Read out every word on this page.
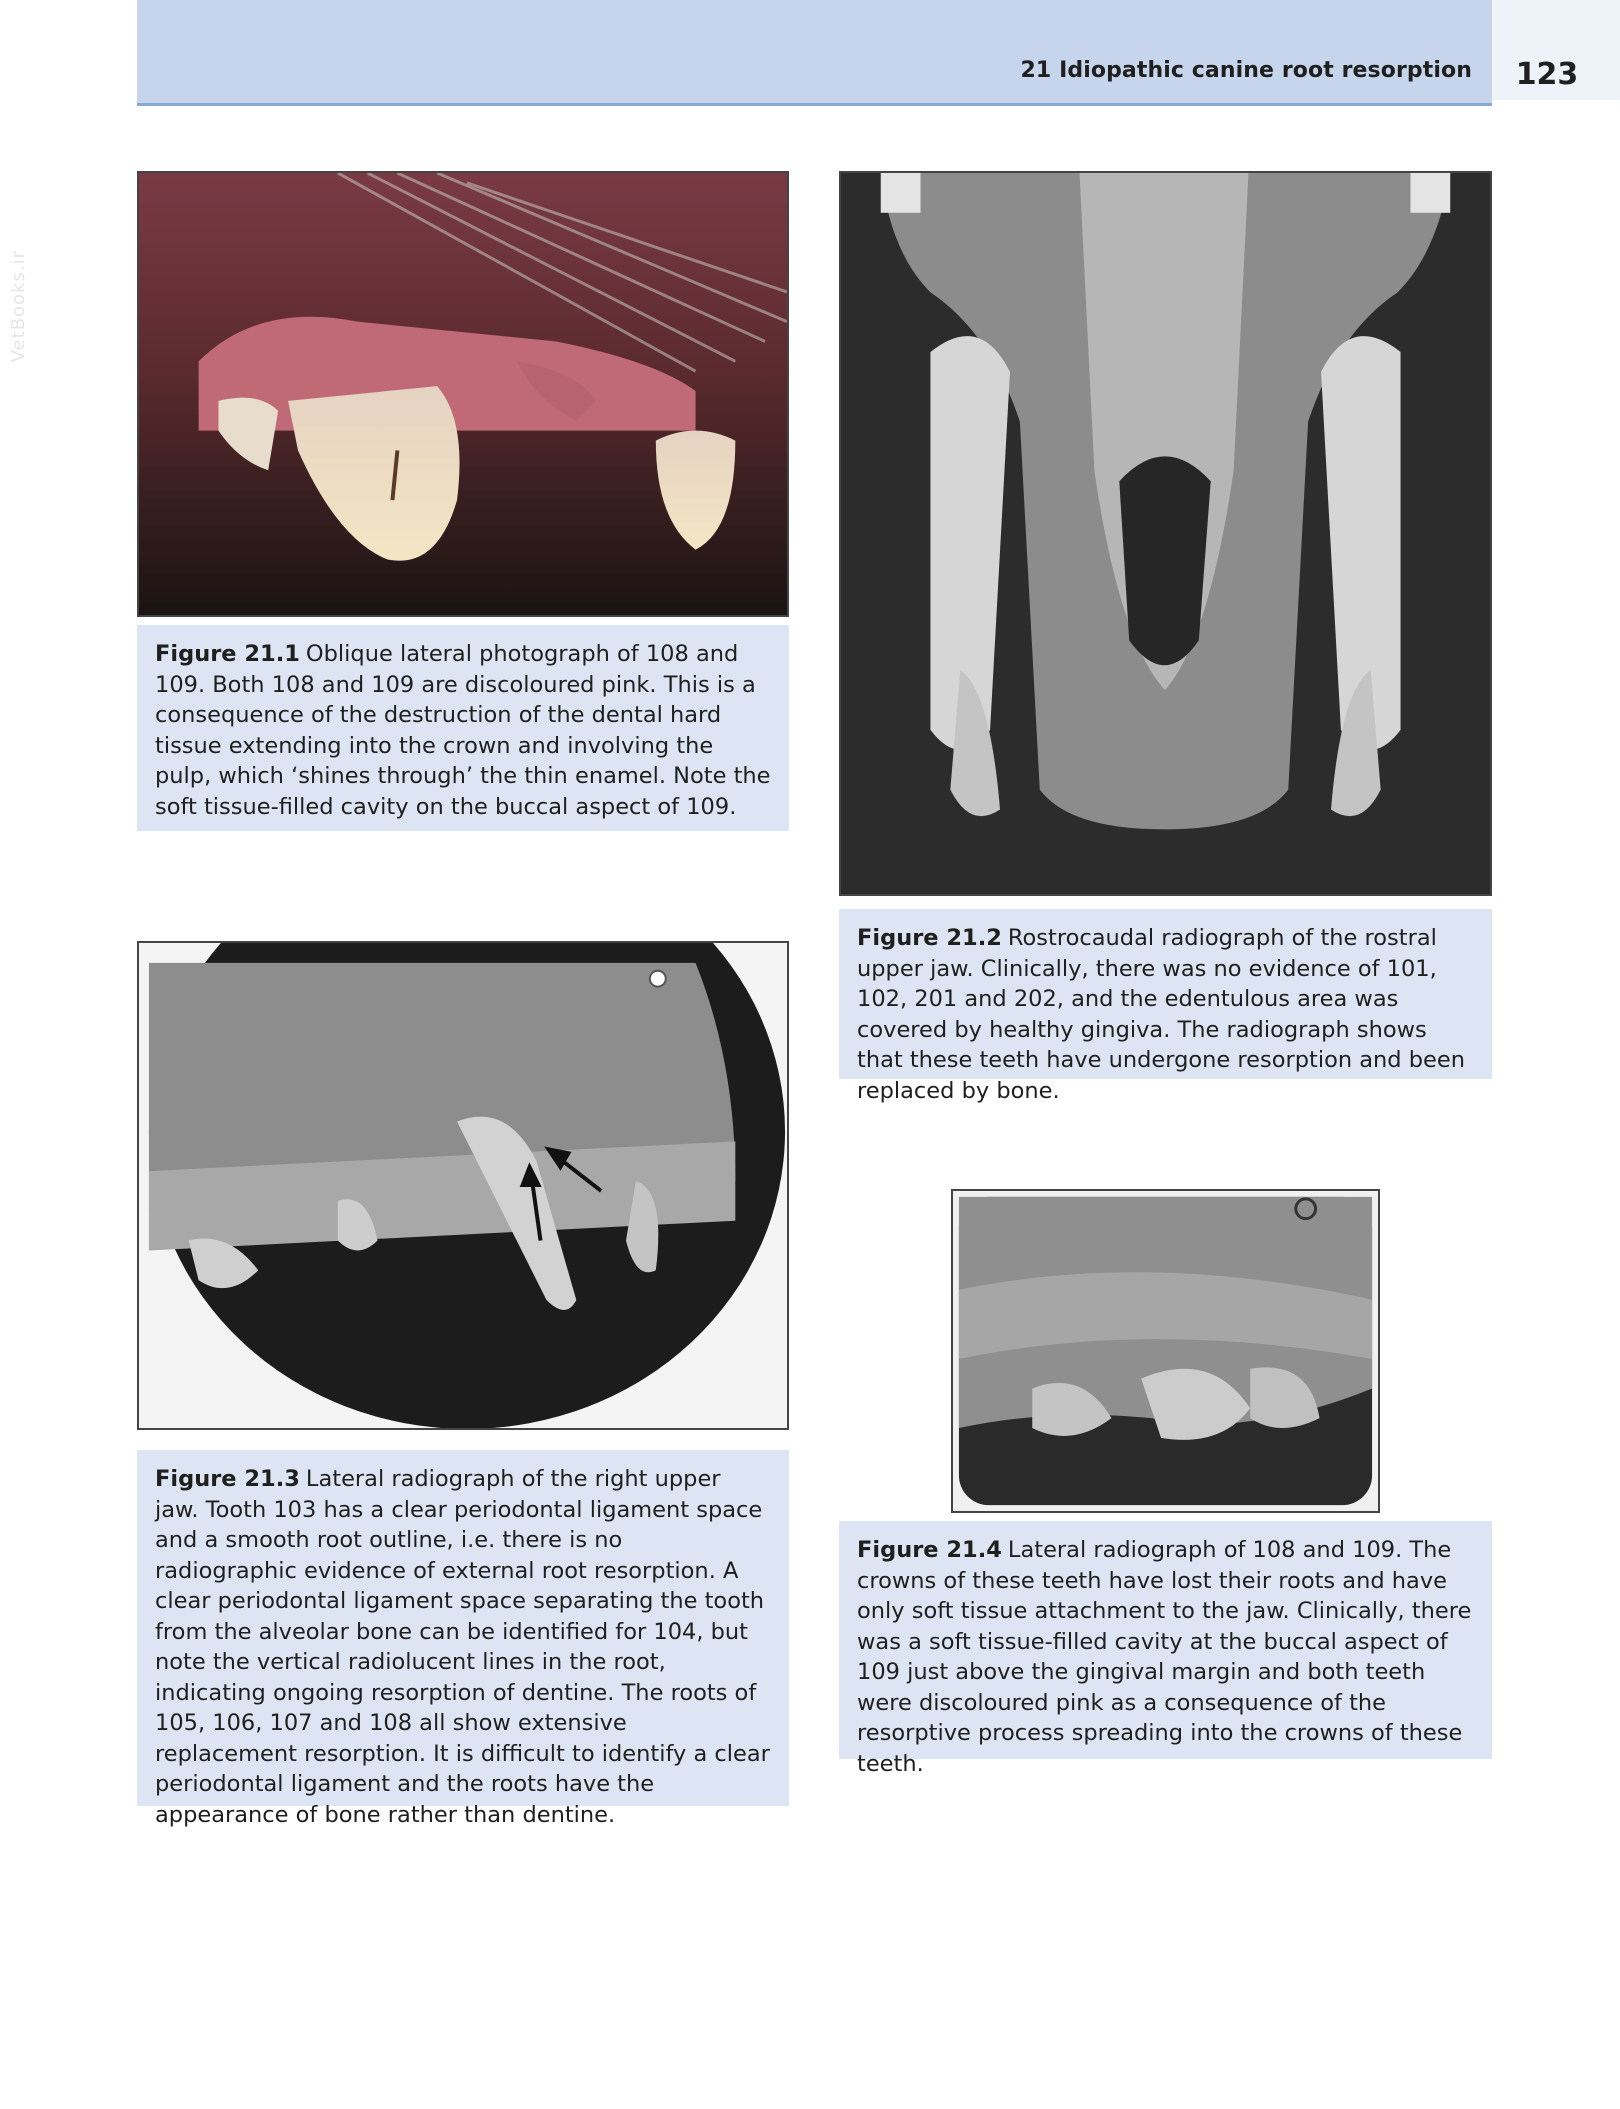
VetBooks.ir
21 Idiopathic canine root resorption	123
Figure 21.1 Oblique lateral photograph of 108 and 109. Both 108 and 109 are discoloured pink. This is a consequence of the destruction of the dental hard tissue extending into the crown and involving the pulp, which ‘shines through’ the thin enamel. Note the soft tissue-filled cavity on the buccal aspect of 109.
Figure 21.2 Rostrocaudal radiograph of the rostral upper jaw. Clinically, there was no evidence of 101, 102, 201 and 202, and the edentulous area was covered by healthy gingiva. The radiograph shows that these teeth have undergone resorption and been replaced by bone.
Figure 21.3 Lateral radiograph of the right upper jaw. Tooth 103 has a clear periodontal ligament space and a smooth root outline, i.e. there is no radiographic evidence of external root resorption. A clear periodontal ligament space separating the tooth from the alveolar bone can be identified for 104, but note the vertical radiolucent lines in the root, indicating ongoing resorption of dentine. The roots of 105, 106, 107 and 108 all show extensive replacement resorption. It is difficult to identify a clear periodontal ligament and the roots have the appearance of bone rather than dentine.
Figure 21.4 Lateral radiograph of 108 and 109. The crowns of these teeth have lost their roots and have only soft tissue attachment to the jaw. Clinically, there was a soft tissue-filled cavity at the buccal aspect of 109 just above the gingival margin and both teeth were discoloured pink as a consequence of the resorptive process spreading into the crowns of these teeth.
